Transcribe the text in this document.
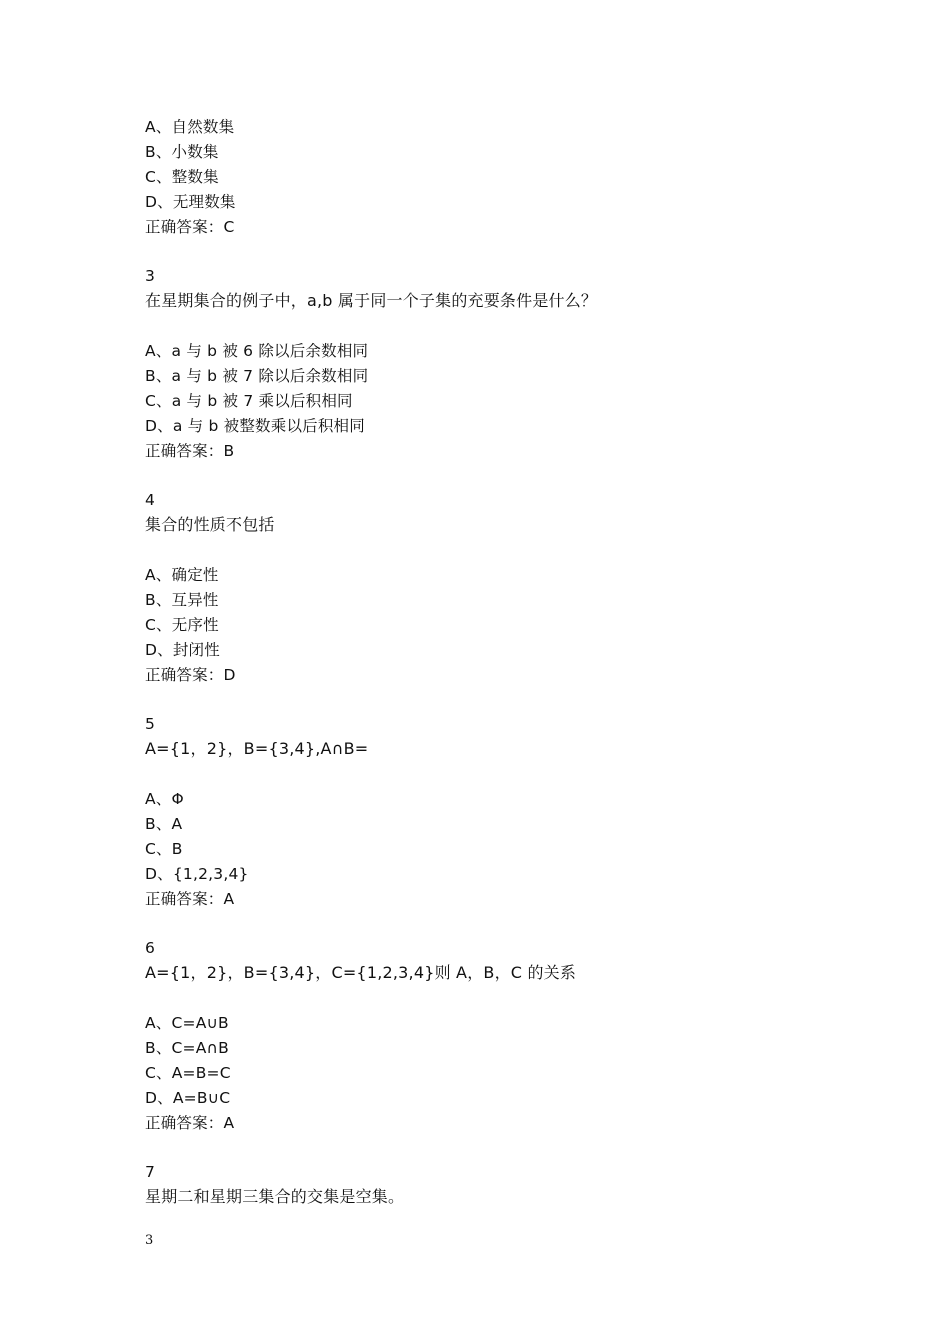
A、自然数集
B、小数集
C、整数集
D、无理数集
正确答案：C
3
在星期集合的例子中，a,b 属于同一个子集的充要条件是什么？
A、a 与 b 被 6 除以后余数相同
B、a 与 b 被 7 除以后余数相同
C、a 与 b 被 7 乘以后积相同
D、a 与 b 被整数乘以后积相同
正确答案：B
4
集合的性质不包括
A、确定性
B、互异性
C、无序性
D、封闭性
正确答案：D
5
A={1，2}，B={3,4},A∩B=
A、Φ
B、A
C、B
D、{1,2,3,4}
正确答案：A
6
A={1，2}，B={3,4}，C={1,2,3,4}则 A，B，C 的关系
A、C=A∪B
B、C=A∩B
C、A=B=C
D、A=B∪C
正确答案：A
7
星期二和星期三集合的交集是空集。
3
